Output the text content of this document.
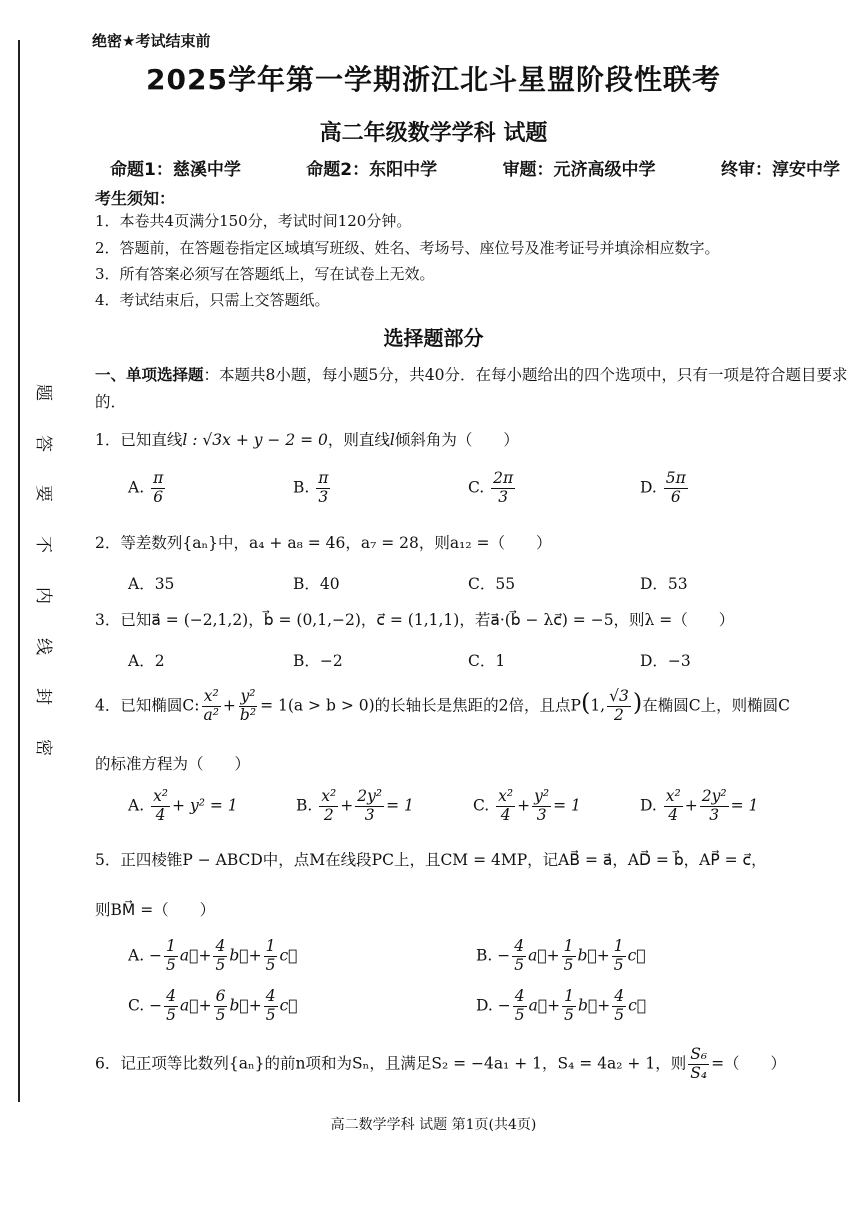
题
答
要
不
内
线
封
密
绝密★考试结束前
2025学年第一学期浙江北斗星盟阶段性联考
高二年级数学学科 试题
命题1：慈溪中学	命题2：东阳中学	审题：元济高级中学	终审：淳安中学
考生须知：
1．本卷共4页满分150分，考试时间120分钟。
2．答题前，在答题卷指定区域填写班级、姓名、考场号、座位号及准考证号并填涂相应数字。
3．所有答案必须写在答题纸上，写在试卷上无效。
4．考试结束后，只需上交答题纸。
选择题部分
一、单项选择题：本题共8小题，每小题5分，共40分．在每小题给出的四个选项中，只有一项是符合题目要求的．
1．已知直线l : √3x + y − 2 = 0，则直线l倾斜角为（　　）
A. $\frac{\pi}{6}$	B. $\frac{\pi}{3}$	C. $\frac{2\pi}{3}$	D. $\frac{5\pi}{6}$
2．等差数列{aₙ}中，a₄ + a₈ = 46，a₇ = 28，则a₁₂ =（　　）
A．35	B．40	C．55	D．53
3．已知a⃗ = (−2,1,2)，b⃗ = (0,1,−2)，c⃗ = (1,1,1)，若a⃗·(b⃗ − λc⃗) = −5，则λ =（　　）
A．2	B．−2	C．1	D．−3
4．已知椭圆C: $\frac{\text{x²}}{\text{a²}} + \frac{\text{y²}}{\text{b²}} = 1(a > b > 0)$的长轴长是焦距的2倍，且点P(1, $\frac{√3}{2}$ )在椭圆C上，则椭圆C
的标准方程为（　　）
A. $\frac{\text{x²}}{4} + y^2 = 1$	B. $\frac{\text{x²}}{2} + \frac{\text{2y²}}{3} = 1$	C. $\frac{\text{x²}}{4} + \frac{\text{y²}}{3} = 1$	D. $\frac{\text{x²}}{4} + \frac{\text{2y²}}{3} = 1$
5．正四棱锥P − ABCD中，点M在线段PC上，且CM = 4MP，记AB⃗ = a⃗，AD⃗ = b⃗，AP⃗ = c⃗，
则BM⃗ =（　　）
A. − $\frac{1}{5}$ a⃗+ $\frac{4}{5}$ b⃗+ $\frac{1}{5}$ c⃗	B. − $\frac{4}{5}$ a⃗+ $\frac{1}{5}$ b⃗+ $\frac{1}{5}$ c⃗
C. − $\frac{4}{5}$ a⃗+ $\frac{6}{5}$ b⃗+ $\frac{4}{5}$ c⃗	D. − $\frac{4}{5}$ a⃗+ $\frac{1}{5}$ b⃗+ $\frac{4}{5}$ c⃗
6．记正项等比数列{aₙ}的前n项和为Sₙ，且满足S₂ = −4a₁ + 1，S₄ = 4a₂ + 1，则 $\frac{\text{S₆}}{\text{S₄}}$ =（　　）
高二数学学科 试题 第1页(共4页)
